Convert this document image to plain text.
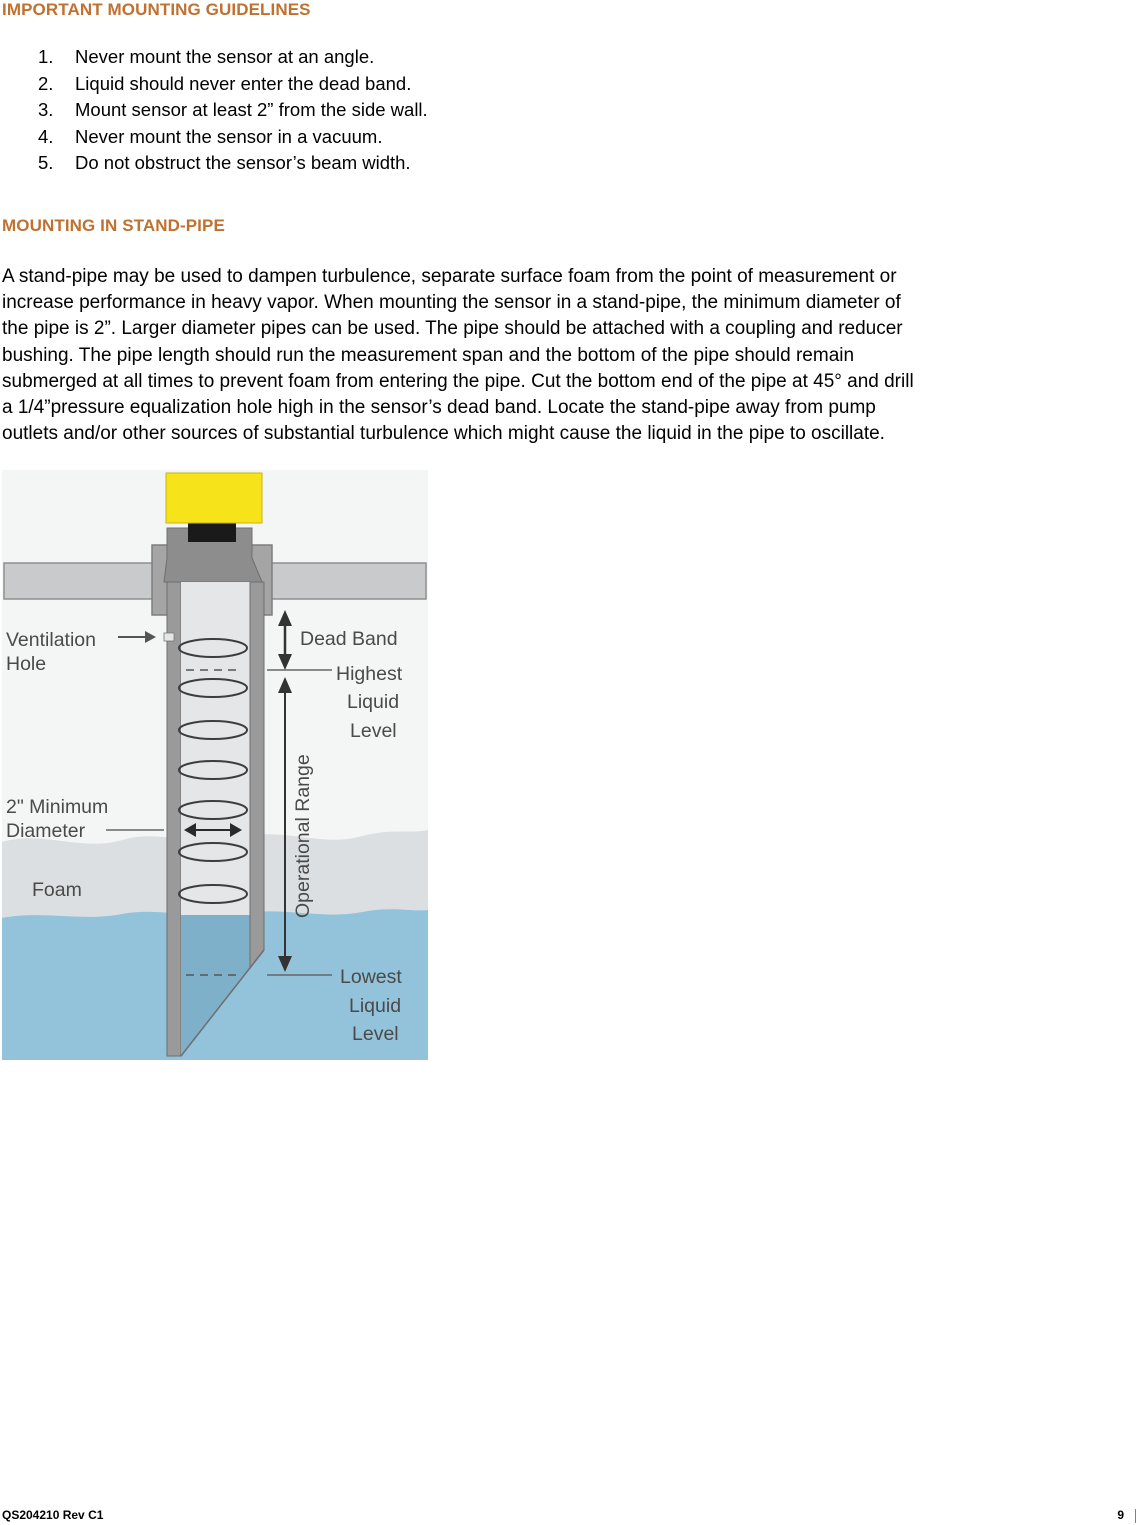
IMPORTANT MOUNTING GUIDELINES
1. Never mount the sensor at an angle.
2. Liquid should never enter the dead band.
3. Mount sensor at least 2” from the side wall.
4. Never mount the sensor in a vacuum.
5. Do not obstruct the sensor’s beam width.
MOUNTING IN STAND-PIPE

A stand-pipe may be used to dampen turbulence, separate surface foam from the point of measurement or
increase performance in heavy vapor. When mounting the sensor in a stand-pipe, the minimum diameter of
the pipe is 2”. Larger diameter pipes can be used. The pipe should be attached with a coupling and reducer
bushing. The pipe length should run the measurement span and the bottom of the pipe should remain
submerged at all times to prevent foam from entering the pipe. Cut the bottom end of the pipe at 45° and drill
a 1/4”pressure equalization hole high in the sensor’s dead band. Locate the stand-pipe away from pump
outlets and/or other sources of substantial turbulence which might cause the liquid in the pipe to oscillate.

Ventilation
Hole
Dead Band
Highest
Liquid
Level
Operational Range
2" Minimum
Diameter
Foam
Lowest
Liquid
Level
QS204210 Rev C1	9
